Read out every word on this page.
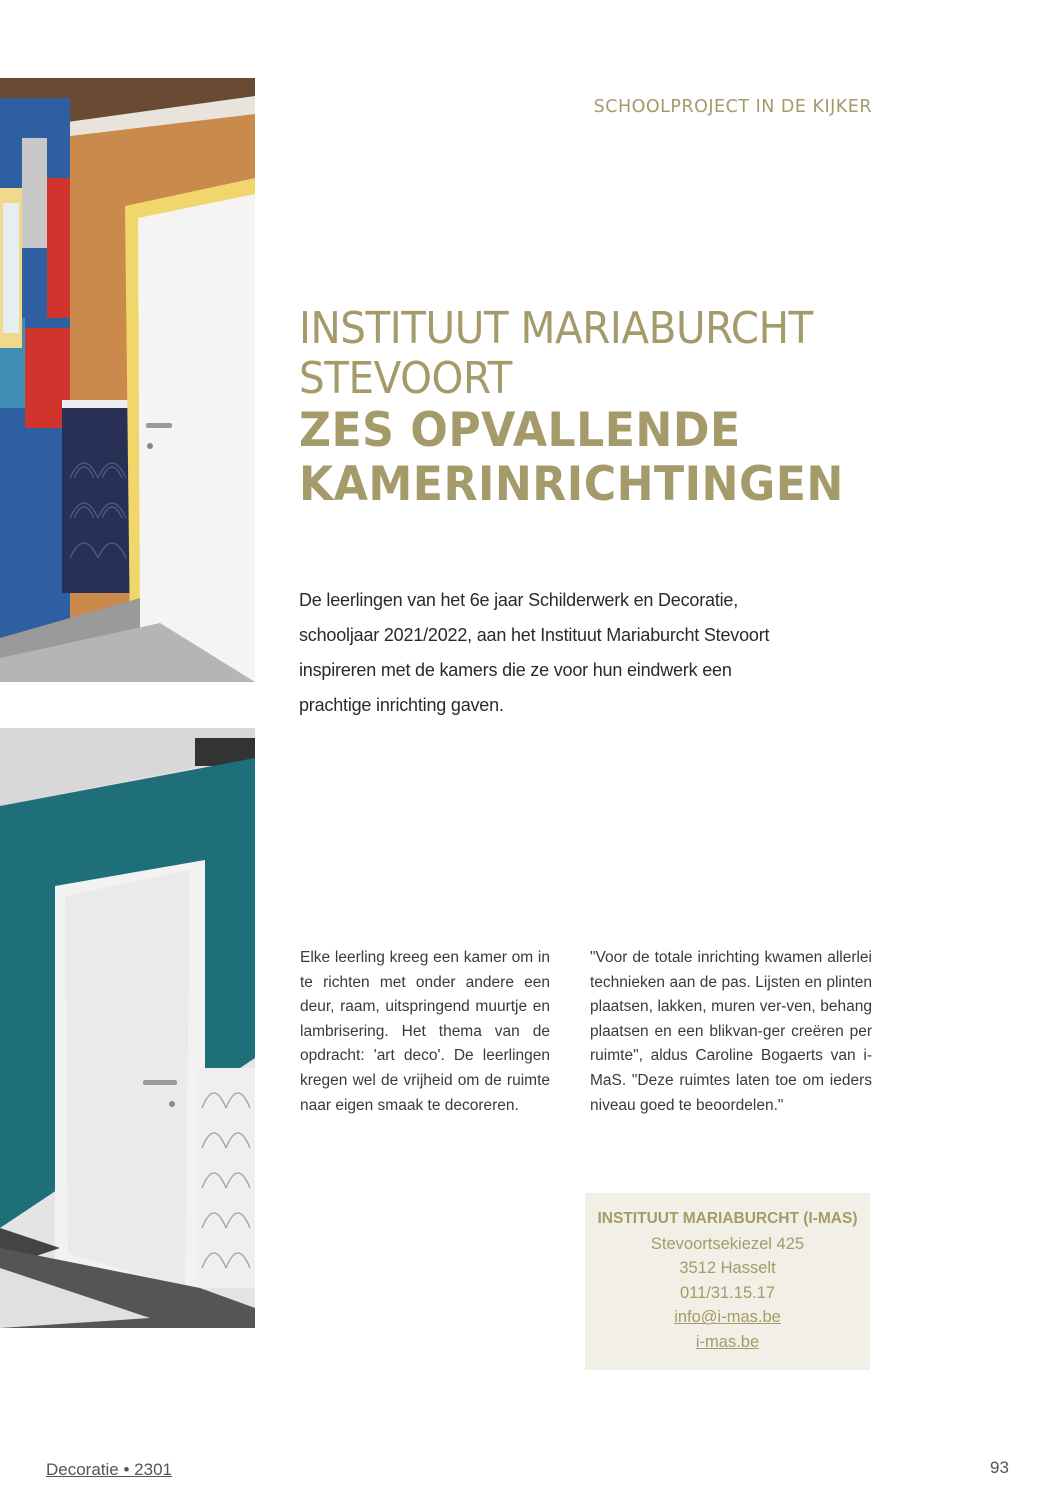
SCHOOLPROJECT IN DE KIJKER
INSTITUUT MARIABURCHT
STEVOORT
ZES OPVALLENDE
KAMERINRICHTINGEN
De leerlingen van het 6e jaar Schilderwerk en Decoratie,
schooljaar 2021/2022, aan het Instituut Mariaburcht Stevoort
inspireren met de kamers die ze voor hun eindwerk een
prachtige inrichting gaven.

Elke leerling kreeg een kamer om in te richten met onder andere een deur, raam, uitspringend muurtje en lambrisering. Het thema van de opdracht: 'art deco'. De leerlingen kregen wel de vrijheid om de ruimte naar eigen smaak te decoreren.

"Voor de totale inrichting kwamen allerlei technieken aan de pas. Lijsten en plinten plaatsen, lakken, muren ver-ven, behang plaatsen en een blikvan-ger creëren per ruimte", aldus Caroline Bogaerts van i-MaS. "Deze ruimtes laten toe om ieders niveau goed te beoordelen."

INSTITUUT MARIABURCHT (I-MAS)
Stevoortsekiezel 425
3512 Hasselt
011/31.15.17
info@i-mas.be
i-mas.be
Decoratie • 2301	93
